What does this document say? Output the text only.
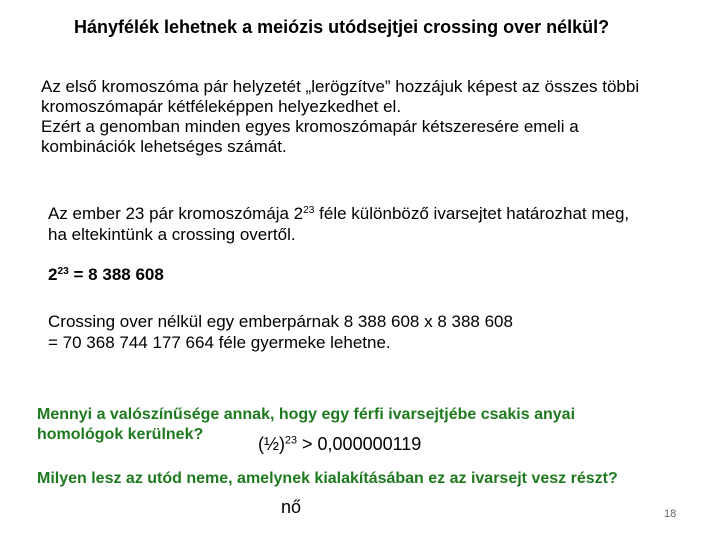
Hányfélék lehetnek a meiózis utódsejtjei crossing over nélkül?
Az első kromoszóma pár helyzetét „lerögzítve” hozzájuk képest az összes többi
kromoszómapár kétféleképpen helyezkedhet el.
Ezért a genomban minden egyes kromoszómapár kétszeresére emeli a
kombinációk lehetséges számát.
Az ember 23 pár kromoszómája $2^{23}$ féle különböző ivarsejtet határozhat meg,
ha eltekintünk a crossing overtől.
$2^{23} = 8$ 388 608
Crossing over nélkül egy emberpárnak 8 388 608 x 8 388 608
= 70 368 744 177 664 féle gyermeke lehetne.
Mennyi a valószínűsége annak, hogy egy férfi ivarsejtjébe csakis anyai
homológok kerülnek?	(½)$^{23}$ > 0,000000119
Milyen lesz az utód neme, amelynek kialakításában ez az ivarsejt vesz részt?
nő	18
